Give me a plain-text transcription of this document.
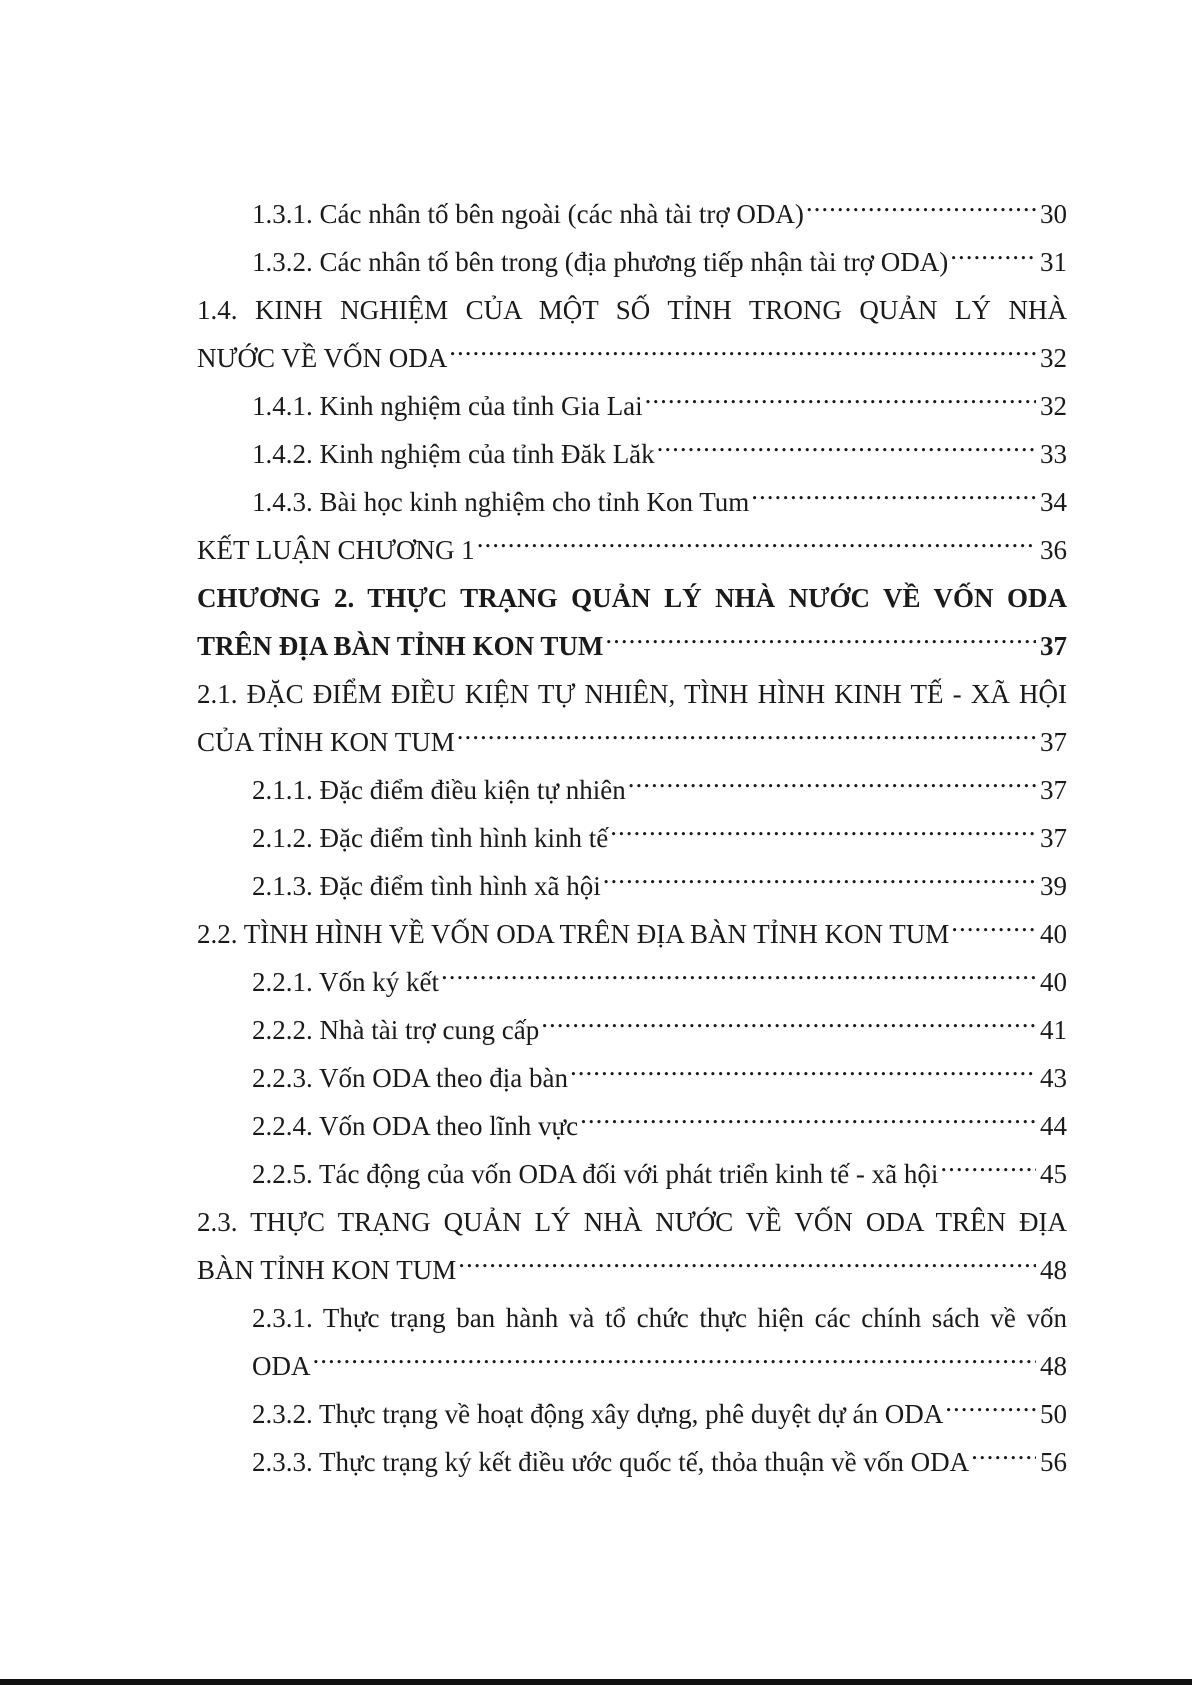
1.3.1. Các nhân tố bên ngoài (các nhà tài trợ ODA) .....	30
1.3.2. Các nhân tố bên trong (địa phương tiếp nhận tài trợ ODA) .....	31
1.4. KINH NGHIỆM CỦA MỘT SỐ TỈNH TRONG QUẢN LÝ NHÀ
NƯỚC VỀ VỐN ODA .....	32
1.4.1. Kinh nghiệm của tỉnh Gia Lai .....	32
1.4.2. Kinh nghiệm của tỉnh Đăk Lăk .....	33
1.4.3. Bài học kinh nghiệm cho tỉnh Kon Tum .....	34
KẾT LUẬN CHƯƠNG 1 .....	36
CHƯƠNG 2. THỰC TRẠNG QUẢN LÝ NHÀ NƯỚC VỀ VỐN ODA
TRÊN ĐỊA BÀN TỈNH KON TUM .....	37
2.1. ĐẶC ĐIỂM ĐIỀU KIỆN TỰ NHIÊN, TÌNH HÌNH KINH TẾ - XÃ HỘI
CỦA TỈNH KON TUM .....	37
2.1.1. Đặc điểm điều kiện tự nhiên .....	37
2.1.2. Đặc điểm tình hình kinh tế .....	37
2.1.3. Đặc điểm tình hình xã hội .....	39
2.2. TÌNH HÌNH VỀ VỐN ODA TRÊN ĐỊA BÀN TỈNH KON TUM .....	40
2.2.1. Vốn ký kết .....	40
2.2.2. Nhà tài trợ cung cấp .....	41
2.2.3. Vốn ODA theo địa bàn .....	43
2.2.4. Vốn ODA theo lĩnh vực .....	44
2.2.5. Tác động của vốn ODA đối với phát triển kinh tế - xã hội .....	45
2.3. THỰC TRẠNG QUẢN LÝ NHÀ NƯỚC VỀ VỐN ODA TRÊN ĐỊA
BÀN TỈNH KON TUM .....	48
2.3.1. Thực trạng ban hành và tổ chức thực hiện các chính sách về vốn
ODA .....	48
2.3.2. Thực trạng về hoạt động xây dựng, phê duyệt dự án ODA .....	50
2.3.3. Thực trạng ký kết điều ước quốc tế, thỏa thuận về vốn ODA .....	56
